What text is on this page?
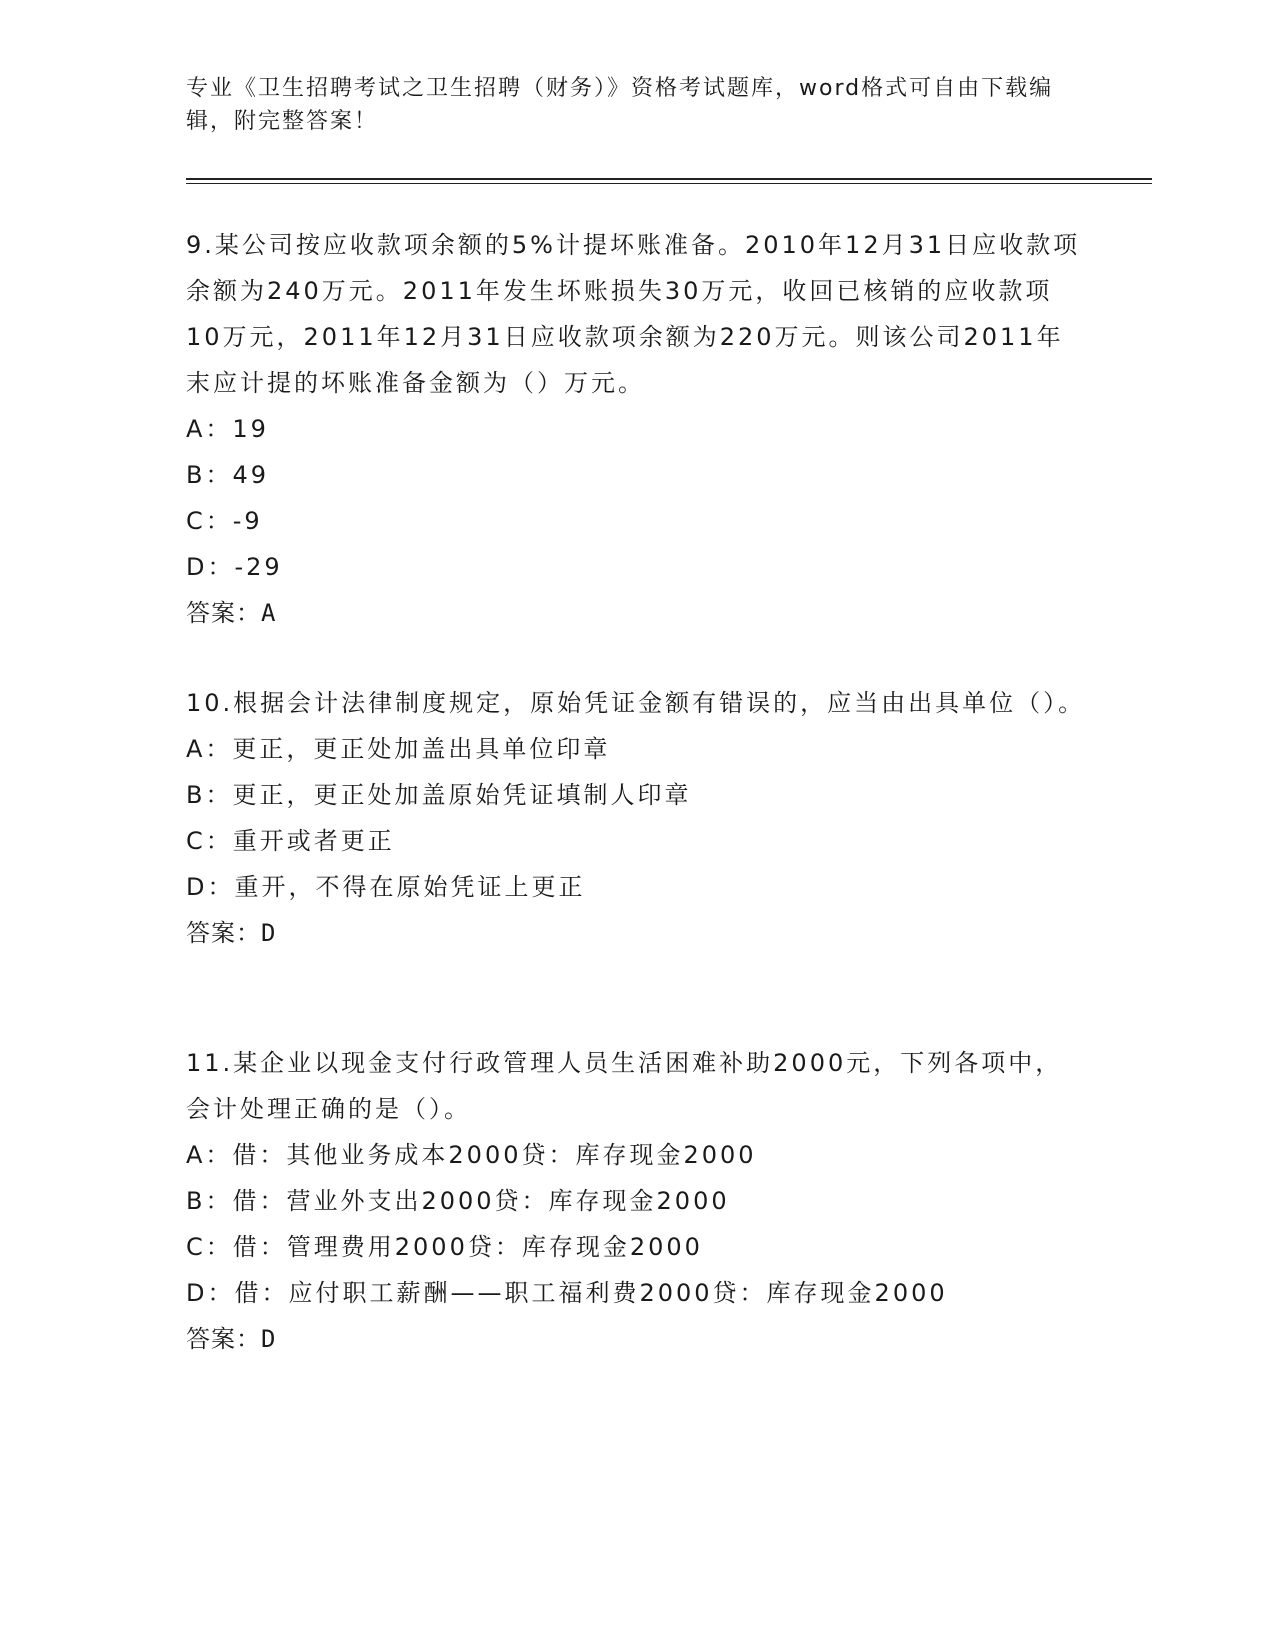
专业《卫生招聘考试之卫生招聘（财务）》资格考试题库，word格式可自由下载编辑，附完整答案！

9.某公司按应收款项余额的5%计提坏账准备。2010年12月31日应收款项余额为240万元。2011年发生坏账损失30万元，收回已核销的应收款项10万元，2011年12月31日应收款项余额为220万元。则该公司2011年末应计提的坏账准备金额为（）万元。

A：19

B：49

C：-9

D：-29

答案：A

10.根据会计法律制度规定，原始凭证金额有错误的，应当由出具单位（）。

A：更正，更正处加盖出具单位印章

B：更正，更正处加盖原始凭证填制人印章

C：重开或者更正

D：重开，不得在原始凭证上更正

答案：D

11.某企业以现金支付行政管理人员生活困难补助2000元，下列各项中，会计处理正确的是（）。

A：借：其他业务成本2000贷：库存现金2000

B：借：营业外支出2000贷：库存现金2000

C：借：管理费用2000贷：库存现金2000

D：借：应付职工薪酬——职工福利费2000贷：库存现金2000

答案：D
